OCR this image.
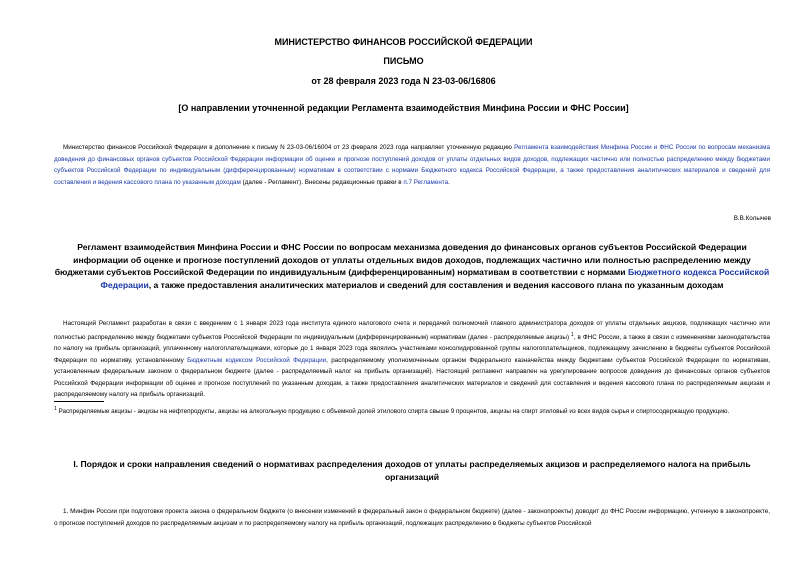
МИНИСТЕРСТВО ФИНАНСОВ РОССИЙСКОЙ ФЕДЕРАЦИИ
ПИСЬМО
от 28 февраля 2023 года N 23-03-06/16806
[О направлении уточненной редакции Регламента взаимодействия Минфина России и ФНС России]
Министерство финансов Российской Федерации в дополнение к письму N 23-03-06/16004 от 23 февраля 2023 года направляет уточненную редакцию Регламента взаимодействия Минфина России и ФНС России по вопросам механизма доведения до финансовых органов субъектов Российской Федерации информации об оценке и прогнозе поступлений доходов от уплаты отдельных видов доходов, подлежащих частично или полностью распределению между бюджетами субъектов Российской Федерации по индивидуальным (дифференцированным) нормативам в соответствии с нормами Бюджетного кодекса Российской Федерации, а также предоставления аналитических материалов и сведений для составления и ведения кассового плана по указанным доходам (далее - Регламент). Внесены редакционные правки в п.7 Регламента.
В.В.Колычев
Регламент взаимодействия Минфина России и ФНС России по вопросам механизма доведения до финансовых органов субъектов Российской Федерации информации об оценке и прогнозе поступлений доходов от уплаты отдельных видов доходов, подлежащих частично или полностью распределению между бюджетами субъектов Российской Федерации по индивидуальным (дифференцированным) нормативам в соответствии с нормами Бюджетного кодекса Российской Федерации, а также предоставления аналитических материалов и сведений для составления и ведения кассового плана по указанным доходам
Настоящий Регламент разработан в связи с введением с 1 января 2023 года института единого налогового счета и передачей полномочий главного администратора доходов от уплаты отдельных акцизов, подлежащих частично или полностью распределению между бюджетами субъектов Российской Федерации по индивидуальным (дифференцированным) нормативам (далее - распределяемые акцизы) $^1$, в ФНС России, а также в связи с изменениями законодательства по налогу на прибыль организаций, уплаченному налогоплательщиками, которые до 1 января 2023 года являлись участниками консолидированной группы налогоплательщиков, подлежащему зачислению в бюджеты субъектов Российской Федерации по нормативу, установленному Бюджетным кодексом Российской Федерации, распределяемому уполномоченным органом Федерального казначейства между бюджетами субъектов Российской Федерации по нормативам, установленным федеральным законом о федеральном бюджете (далее - распределяемый налог на прибыль организаций). Настоящий регламент направлен на урегулирование вопросов доведения до финансовых органов субъектов Российской Федерации информации об оценке и прогнозе поступлений по указанным доходам, а также предоставления аналитических материалов и сведений для составления и ведения кассового плана по распределяемым акцизам и распределяемому налогу на прибыль организаций.
$^1$ Распределяемые акцизы - акцизы на нефтепродукты, акцизы на алкогольную продукцию с объемной долей этилового спирта свыше 9 процентов, акцизы на спирт этиловый из всех видов сырья и спиртосодержащую продукцию.
I. Порядок и сроки направления сведений о нормативах распределения доходов от уплаты распределяемых акцизов и распределяемого налога на прибыль организаций
1. Минфин России при подготовке проекта закона о федеральном бюджете (о внесении изменений в федеральный закон о федеральном бюджете) (далее - законопроекты) доводит до ФНС России информацию, учтенную в законопроекте, о прогнозе поступлений доходов по распределяемым акцизам и по распределяемому налогу на прибыль организаций, подлежащих распределению в бюджеты субъектов Российской
